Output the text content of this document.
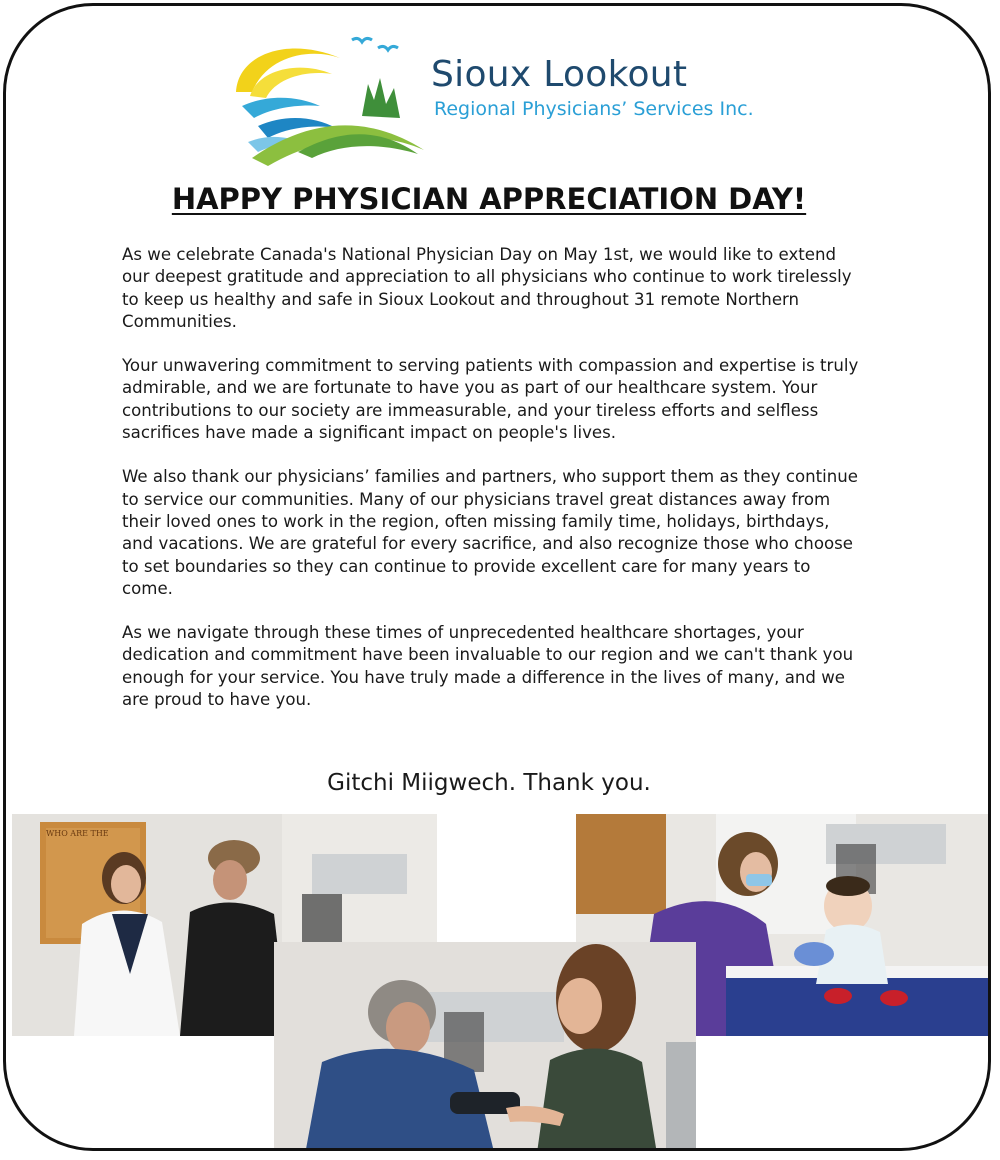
Sioux Lookout
Regional Physicians’ Services Inc.
HAPPY PHYSICIAN APPRECIATION DAY!

As we celebrate Canada's National Physician Day on May 1st, we would like to extend our deepest gratitude and appreciation to all physicians who continue to work tirelessly to keep us healthy and safe in Sioux Lookout and throughout 31 remote Northern Communities.

Your unwavering commitment to serving patients with compassion and expertise is truly admirable, and we are fortunate to have you as part of our healthcare system. Your contributions to our society are immeasurable, and your tireless efforts and selfless sacrifices have made a significant impact on people's lives.

We also thank our physicians’ families and partners, who support them as they continue to service our communities. Many of our physicians travel great distances away from their loved ones to work in the region, often missing family time, holidays, birthdays, and vacations. We are grateful for every sacrifice, and also recognize those who choose to set boundaries so they can continue to provide excellent care for many years to come.

As we navigate through these times of unprecedented healthcare shortages, your dedication and commitment have been invaluable to our region and we can't thank you enough for your service. You have truly made a difference in the lives of many, and we are proud to have you.

Gitchi Miigwech. Thank you.
WHO ARE THE
